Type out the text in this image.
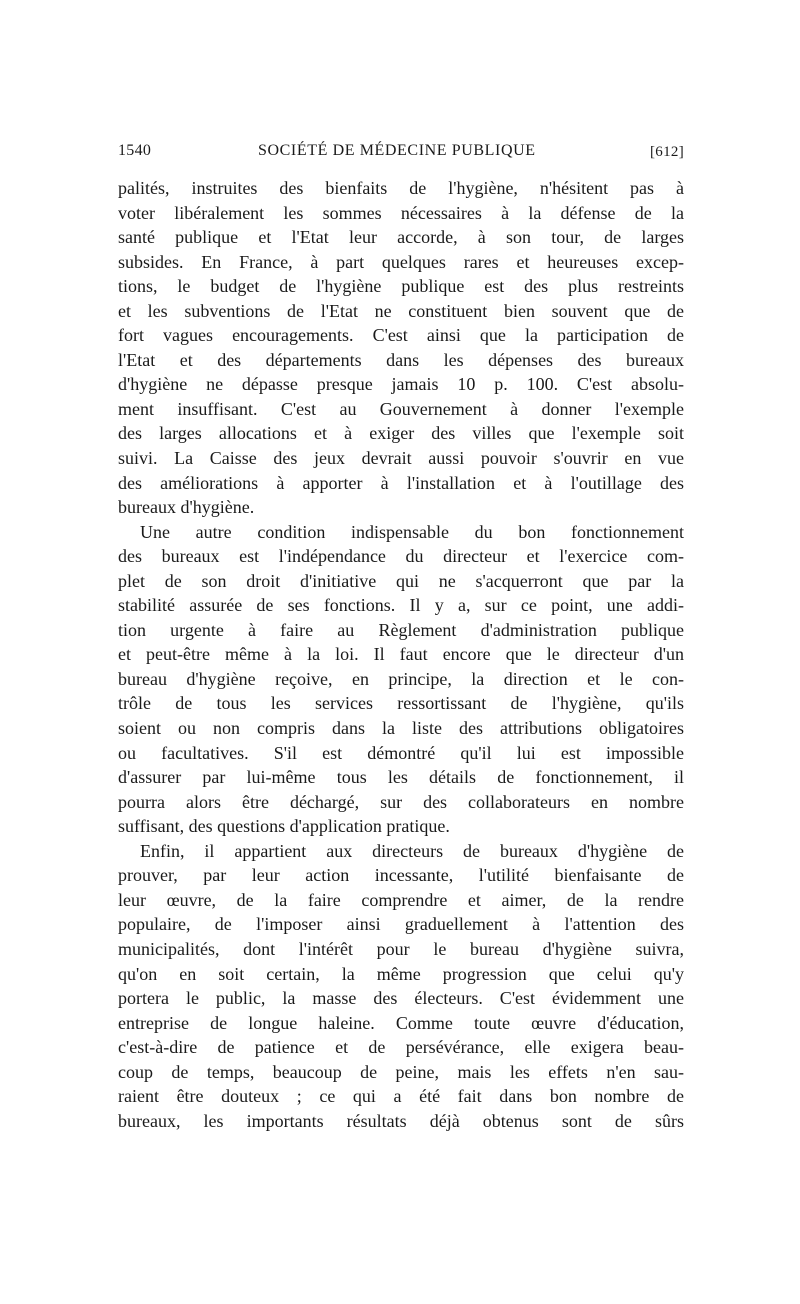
1540	SOCIÉTÉ DE MÉDECINE PUBLIQUE	[612]
palités, instruites des bienfaits de l'hygiène, n'hésitent pas à
voter libéralement les sommes nécessaires à la défense de la
santé publique et l'Etat leur accorde, à son tour, de larges
subsides. En France, à part quelques rares et heureuses excep-
tions, le budget de l'hygiène publique est des plus restreints
et les subventions de l'Etat ne constituent bien souvent que de
fort vagues encouragements. C'est ainsi que la participation de
l'Etat et des départements dans les dépenses des bureaux
d'hygiène ne dépasse presque jamais 10 p. 100. C'est absolu-
ment insuffisant. C'est au Gouvernement à donner l'exemple
des larges allocations et à exiger des villes que l'exemple soit
suivi. La Caisse des jeux devrait aussi pouvoir s'ouvrir en vue
des améliorations à apporter à l'installation et à l'outillage des
bureaux d'hygiène.
Une autre condition indispensable du bon fonctionnement
des bureaux est l'indépendance du directeur et l'exercice com-
plet de son droit d'initiative qui ne s'acquerront que par la
stabilité assurée de ses fonctions. Il y a, sur ce point, une addi-
tion urgente à faire au Règlement d'administration publique
et peut-être même à la loi. Il faut encore que le directeur d'un
bureau d'hygiène reçoive, en principe, la direction et le con-
trôle de tous les services ressortissant de l'hygiène, qu'ils
soient ou non compris dans la liste des attributions obligatoires
ou facultatives. S'il est démontré qu'il lui est impossible
d'assurer par lui-même tous les détails de fonctionnement, il
pourra alors être déchargé, sur des collaborateurs en nombre
suffisant, des questions d'application pratique.
Enfin, il appartient aux directeurs de bureaux d'hygiène de
prouver, par leur action incessante, l'utilité bienfaisante de
leur œuvre, de la faire comprendre et aimer, de la rendre
populaire, de l'imposer ainsi graduellement à l'attention des
municipalités, dont l'intérêt pour le bureau d'hygiène suivra,
qu'on en soit certain, la même progression que celui qu'y
portera le public, la masse des électeurs. C'est évidemment une
entreprise de longue haleine. Comme toute œuvre d'éducation,
c'est-à-dire de patience et de persévérance, elle exigera beau-
coup de temps, beaucoup de peine, mais les effets n'en sau-
raient être douteux ; ce qui a été fait dans bon nombre de
bureaux, les importants résultats déjà obtenus sont de sûrs
